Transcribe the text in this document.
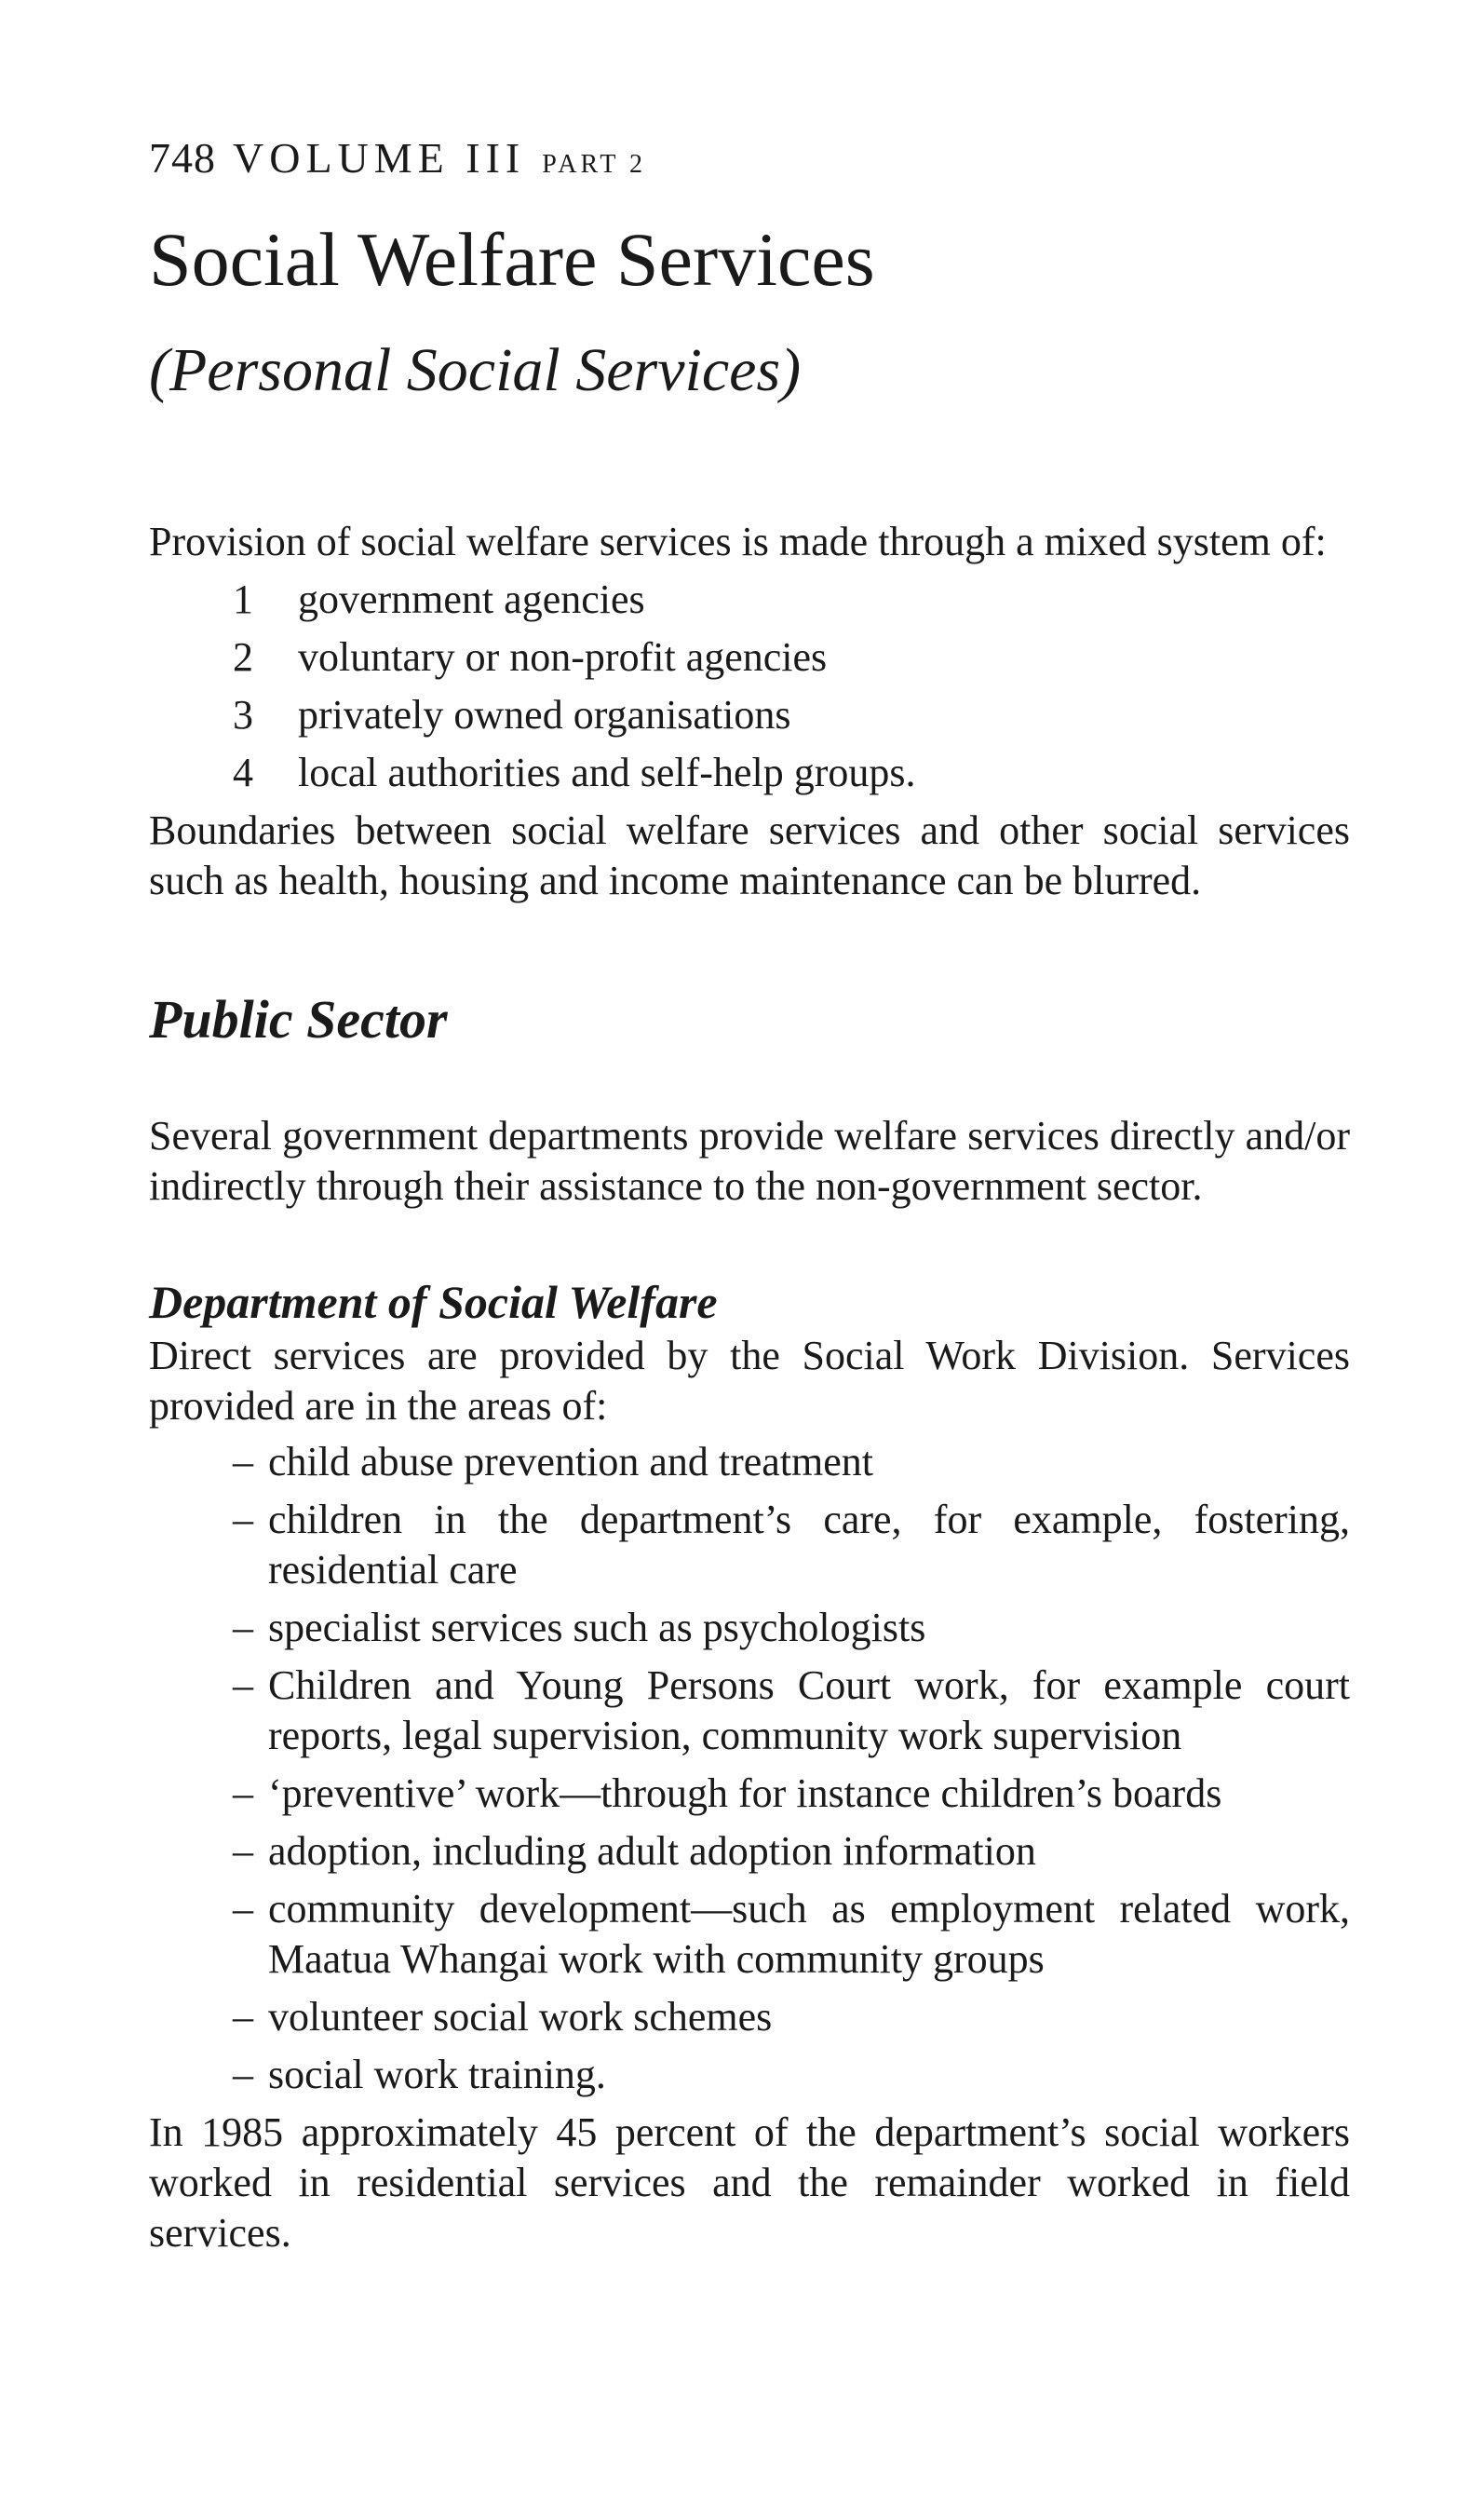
748 VOLUME III PART 2

Social Welfare Services

(Personal Social Services)

Provision of social welfare services is made through a mixed system of:

1	government agencies
2	voluntary or non-profit agencies
3	privately owned organisations
4	local authorities and self-help groups.

Boundaries between social welfare services and other social services such as health, housing and income maintenance can be blurred.

Public Sector

Several government departments provide welfare services directly and/or indirectly through their assistance to the non-government sector.

Department of Social Welfare

Direct services are provided by the Social Work Division. Services provided are in the areas of:

– child abuse prevention and treatment
– children in the department’s care, for example, fostering, residential care
– specialist services such as psychologists
– Children and Young Persons Court work, for example court reports, legal supervision, community work supervision
– ‘preventive’ work—through for instance children’s boards
– adoption, including adult adoption information
– community development—such as employment related work, Maatua Whangai work with community groups
– volunteer social work schemes
– social work training.

In 1985 approximately 45 percent of the department’s social workers worked in residential services and the remainder worked in field services.
